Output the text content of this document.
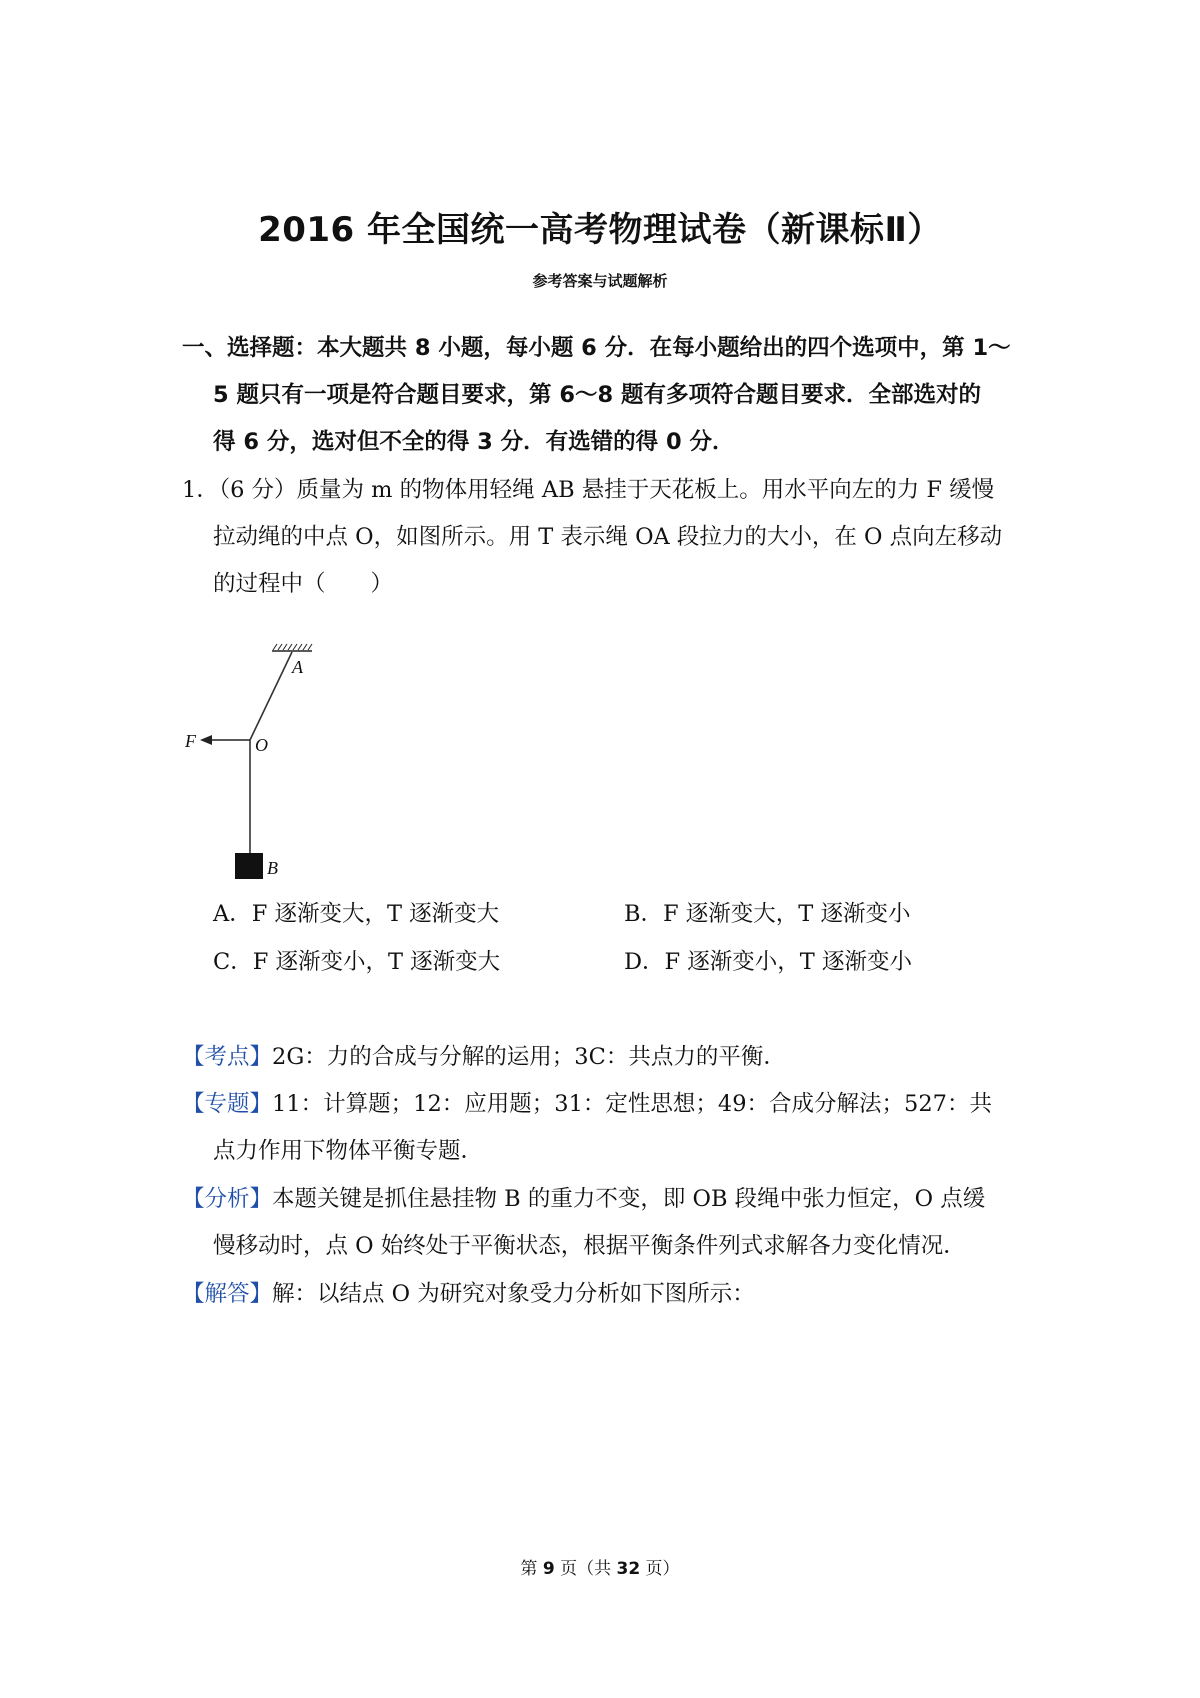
2016 年全国统一高考物理试卷（新课标Ⅱ）
参考答案与试题解析
一、选择题：本大题共 8 小题，每小题 6 分．在每小题给出的四个选项中，第 1～
5 题只有一项是符合题目要求，第 6～8 题有多项符合题目要求．全部选对的
得 6 分，选对但不全的得 3 分．有选错的得 0 分．
1．（6 分）质量为 m 的物体用轻绳 AB 悬挂于天花板上。用水平向左的力 F 缓慢
拉动绳的中点 O，如图所示。用 T 表示绳 OA 段拉力的大小，在 O 点向左移动
的过程中（　　）
A
O
F
B
A．F 逐渐变大，T 逐渐变大	B．F 逐渐变大，T 逐渐变小
C．F 逐渐变小，T 逐渐变大	D．F 逐渐变小，T 逐渐变小
【考点】2G：力的合成与分解的运用；3C：共点力的平衡．
【专题】11：计算题；12：应用题；31：定性思想；49：合成分解法；527：共
点力作用下物体平衡专题．
【分析】本题关键是抓住悬挂物 B 的重力不变，即 OB 段绳中张力恒定，O 点缓
慢移动时，点 O 始终处于平衡状态，根据平衡条件列式求解各力变化情况．
【解答】解：以结点 O 为研究对象受力分析如下图所示：
第 9 页（共 32 页）
